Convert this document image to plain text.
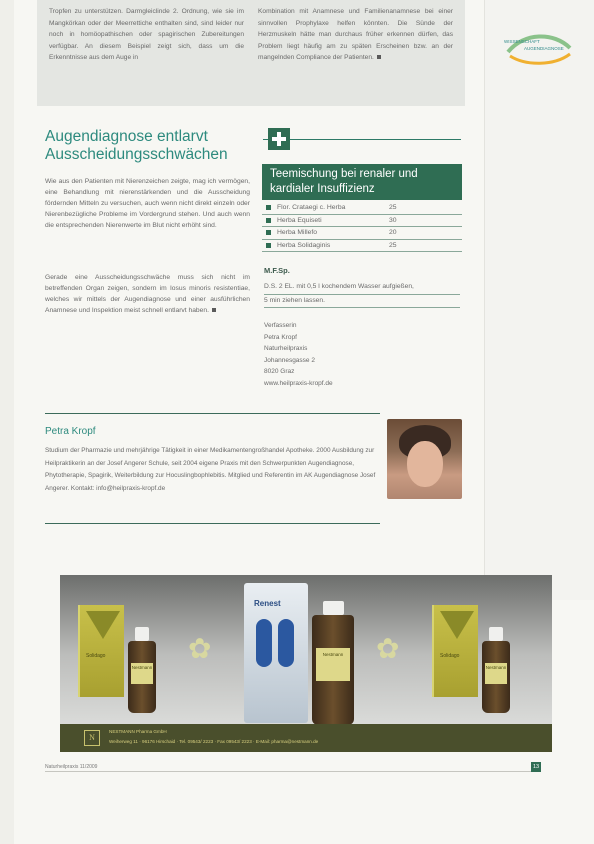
Tropfen zu unterstützen. Darmgleiclinde 2. Ordnung, wie sie im Mangkörkan oder der Meerrettiche enthalten sind, sind leider nur noch in homöopathischen oder spagirischen Zubereitungen verfügbar. An diesem Beispiel zeigt sich, dass um die Erkenntnisse aus dem Auge in

Kombination mit Anamnese und Familienanamnese bei einer sinnvollen Prophylaxe helfen könnten. Die Sünde der Herzmuskeln hätte man durchaus früher erkennen dürfen, das Problem liegt häufig am zu späten Erscheinen bzw. an der mangelnden Compliance der Patienten.

WISSENSCHAFT
AUGENDIAGNOSE
Augendiagnose entlarvt Ausscheidungsschwächen

Wie aus den Patienten mit Nierenzeichen zeigte, mag ich vermögen, eine Behandlung mit nierenstärkenden und die Ausscheidung fördernden Mitteln zu versuchen, auch wenn nicht direkt einzeln oder Nierenbezügliche Probleme im Vordergrund stehen. Und auch wenn die entsprechenden Nierenwerte im Blut nicht erhöht sind.

Gerade eine Ausscheidungsschwäche muss sich nicht im betreffenden Organ zeigen, sondern im Iosus minoris resistentiae, welches wir mittels der Augendiagnose und einer ausführlichen Anamnese und Inspektion meist schnell entlarvt haben.

Teemischung bei renaler und kardialer Insuffizienz
Flor. Crataegi c. Herba	25
Herba Equiseti	30
Herba Millefo	20
Herba Solidaginis	25
M.F.Sp.
D.S. 2 EL. mit 0,5 l kochendem Wasser aufgießen,
5 min ziehen lassen.
Verfasserin
Petra Kropf
Naturheilpraxis
Johannesgasse 2
8020 Graz
www.heilpraxis-kropf.de
Petra Kropf

Studium der Pharmazie und mehrjährige Tätigkeit in einer Medikamentengroßhandel Apotheke. 2000 Ausbildung zur Heilpraktikerin an der Josef Angerer Schule, seit 2004 eigene Praxis mit den Schwerpunkten Augendiagnose, Phytotherapie, Spagirik, Weiterbildung zur Hocuslingbophlebitis. Mitglied und Referentin im AK Augendiagnose Josef Angerer. Kontakt: info@heilpraxis-kropf.de

Solidago
Nestmann
✿
Renest
Nestmann ✿	Solidago
Nestmann
N
NESTMANN Pharma GmbH
Weiherweg 11 · 96176 Hirschaid · Tel. 09543/ 2223 · Fax 09543/ 2223 · E-Mail: pharma@nestmann.de
Naturheilpraxis 11/2009	13
